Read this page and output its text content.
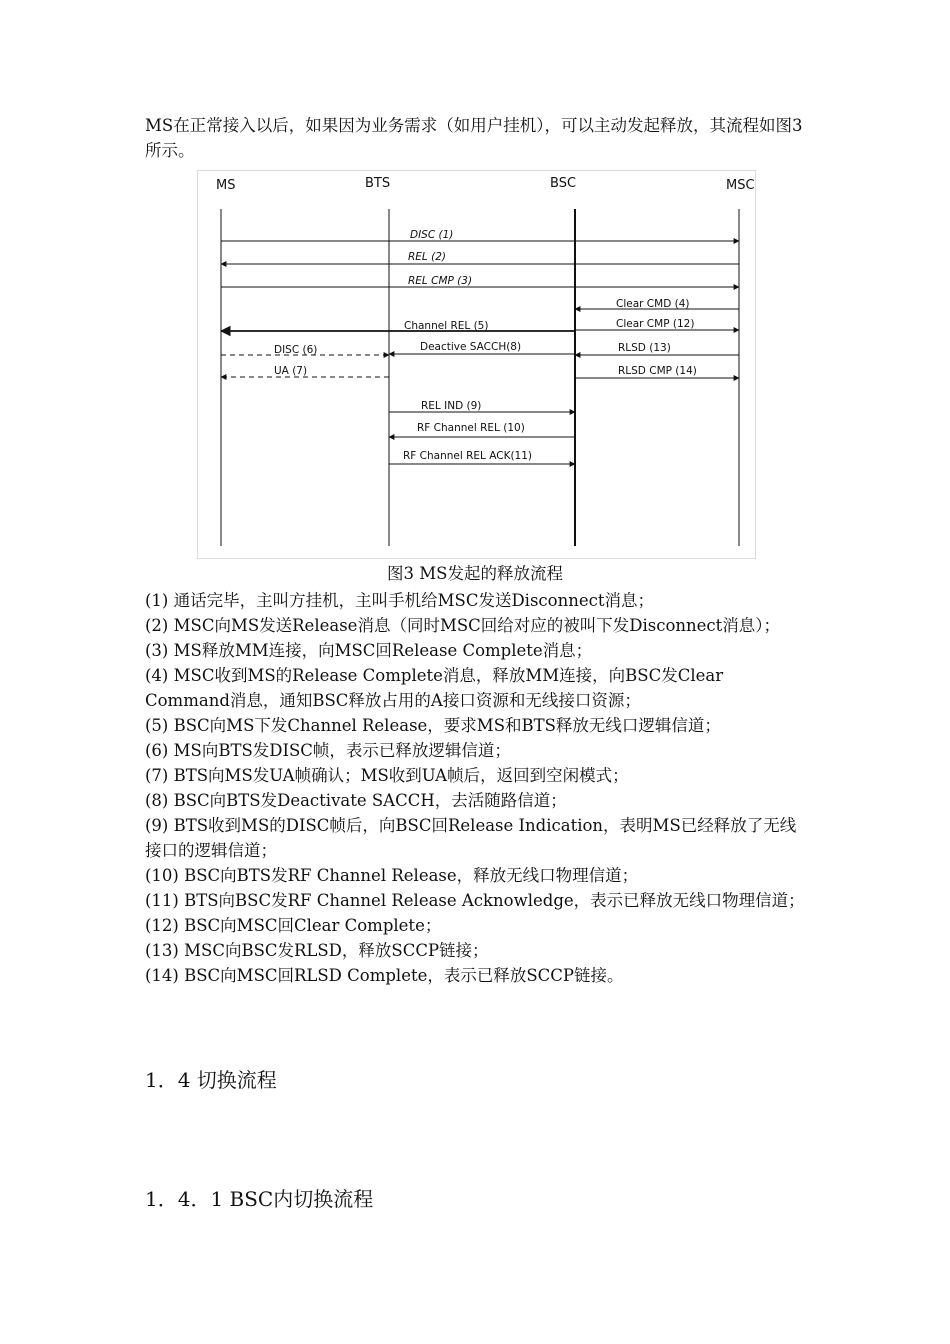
MS在正常接入以后，如果因为业务需求（如用户挂机），可以主动发起释放，其流程如图3所示。

MS	BTS	BSC	MSC
DISC (1)
REL (2)
REL CMP (3)
Clear CMD (4)
Channel REL (5)	Clear CMP (12)
DISC (6)	Deactive SACCH(8)	RLSD (13)
UA (7)	RLSD CMP (14)
REL IND (9)
RF Channel REL (10)
RF Channel REL ACK(11)

图3 MS发起的释放流程

(1) 通话完毕，主叫方挂机，主叫手机给MSC发送Disconnect消息；
(2) MSC向MS发送Release消息（同时MSC回给对应的被叫下发Disconnect消息）；
(3) MS释放MM连接，向MSC回Release Complete消息；
(4) MSC收到MS的Release Complete消息，释放MM连接，向BSC发Clear Command消息，通知BSC释放占用的A接口资源和无线接口资源；
(5) BSC向MS下发Channel Release，要求MS和BTS释放无线口逻辑信道；
(6) MS向BTS发DISC帧，表示已释放逻辑信道；
(7) BTS向MS发UA帧确认；MS收到UA帧后，返回到空闲模式；
(8) BSC向BTS发Deactivate SACCH，去活随路信道；
(9) BTS收到MS的DISC帧后，向BSC回Release Indication，表明MS已经释放了无线接口的逻辑信道；
(10) BSC向BTS发RF Channel Release，释放无线口物理信道；
(11) BTS向BSC发RF Channel Release Acknowledge，表示已释放无线口物理信道；
(12) BSC向MSC回Clear Complete；
(13) MSC向BSC发RLSD，释放SCCP链接；
(14) BSC向MSC回RLSD Complete，表示已释放SCCP链接。
1．4 切换流程
1．4．1 BSC内切换流程
